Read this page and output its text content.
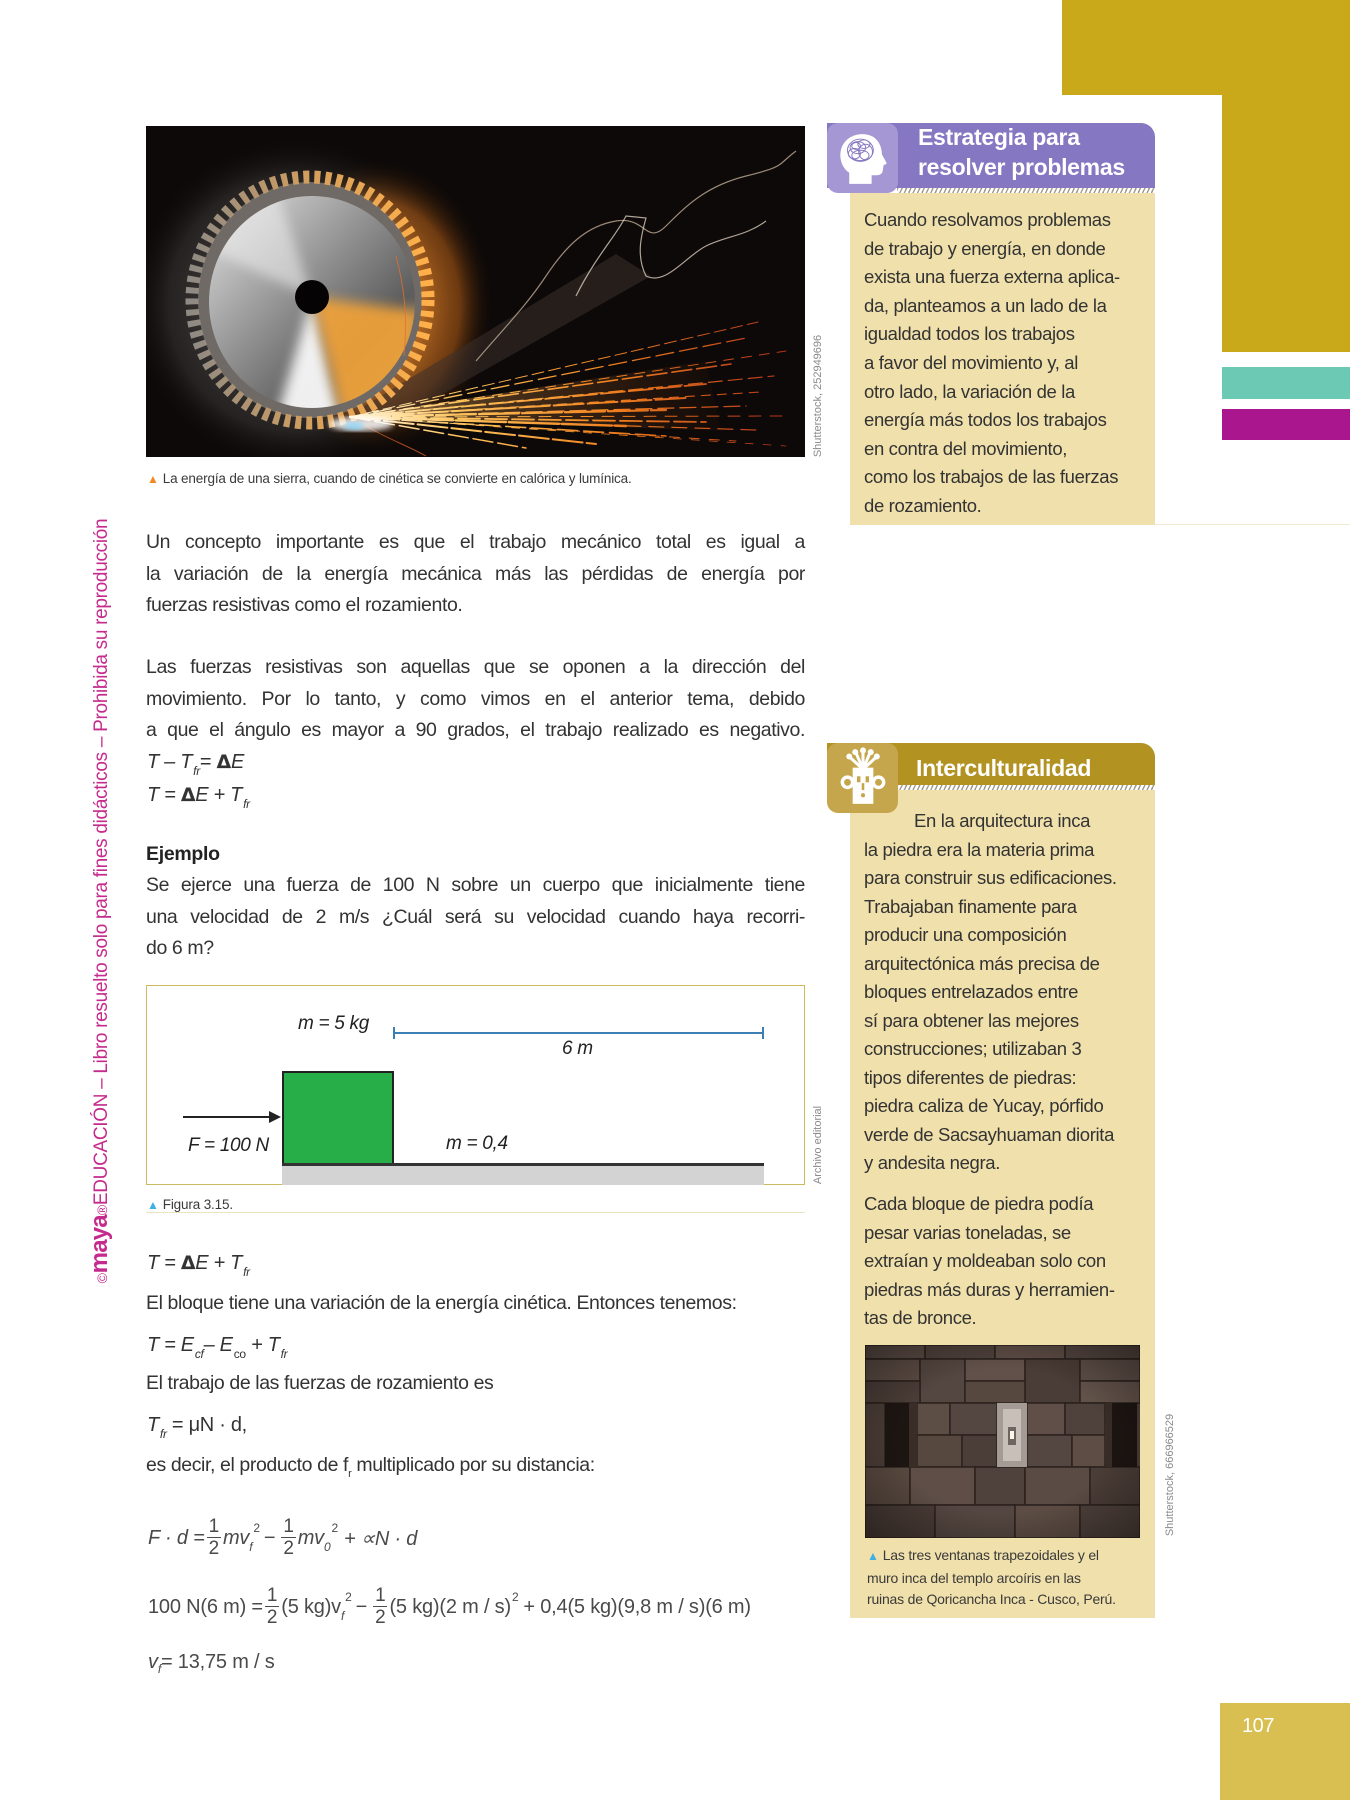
©maya®EDUCACIÓN – Libro resuelto solo para fines didácticos – Prohibida su reproducción
Shutterstock, 252949696
▲ La energía de una sierra, cuando de cinética se convierte en calórica y lumínica.
Un concepto importante es que el trabajo mecánico total es igual a
la variación de la energía mecánica más las pérdidas de energía por
fuerzas resistivas como el rozamiento.
Las fuerzas resistivas son aquellas que se oponen a la dirección del
movimiento. Por lo tanto, y como vimos en el anterior tema, debido
a que el ángulo es mayor a 90 grados, el trabajo realizado es negativo.
$T - T_{fr}= \Delta E$
$T = \Delta E + T_{fr}$
Ejemplo
Se ejerce una fuerza de 100 N sobre un cuerpo que inicialmente tiene
una velocidad de 2 m/s ¿Cuál será su velocidad cuando haya recorri-
do 6 m?
m = 5 kg
6 m
F = 100 N	m = 0,4	Archivo editorial
▲ Figura 3.15.
$T = \Delta E + T_{fr}$
El bloque tiene una variación de la energía cinética. Entonces tenemos:
$T = E_{cf}-$ $E_{co} + T_{fr}$
El trabajo de las fuerzas de rozamiento es
$T_{fr} = \mu N \cdot d$,
es decir, el producto de $f_r$ multiplicado por su distancia:
$F \cdot d = \frac{1}{2}$ mv f
$2 - \frac{1}{2}$ mv 0
2 + ∝N · d
100 N(6 $m) = \frac{1}{2} (5$ kg)v f
$2 - \frac{1}{2} (5$ kg)(2 m / s) 2 + 0,4(5 kg)(9,8 m / s)(6 m)
v f = 13,75 m / s
Estrategia para
resolver problemas
Cuando resolvamos problemas
de trabajo y energía, en donde
exista una fuerza externa aplica-
da, planteamos a un lado de la
igualdad todos los trabajos
a favor del movimiento y, al
otro lado, la variación de la
energía más todos los trabajos
en contra del movimiento,
como los trabajos de las fuerzas
de rozamiento.
Interculturalidad
En la arquitectura inca
la piedra era la materia prima
para construir sus edificaciones.
Trabajaban finamente para
producir una composición
arquitectónica más precisa de
bloques entrelazados entre
sí para obtener las mejores
construcciones; utilizaban 3
tipos diferentes de piedras:
piedra caliza de Yucay, pórfido
verde de Sacsayhuaman diorita
y andesita negra.
Cada bloque de piedra podía
pesar varias toneladas, se
extraían y moldeaban solo con
piedras más duras y herramien-
tas de bronce.
Shutterstock, 666966529
▲ Las tres ventanas trapezoidales y el
muro inca del templo arcoíris en las
ruinas de Qoricancha Inca - Cusco, Perú.
107
